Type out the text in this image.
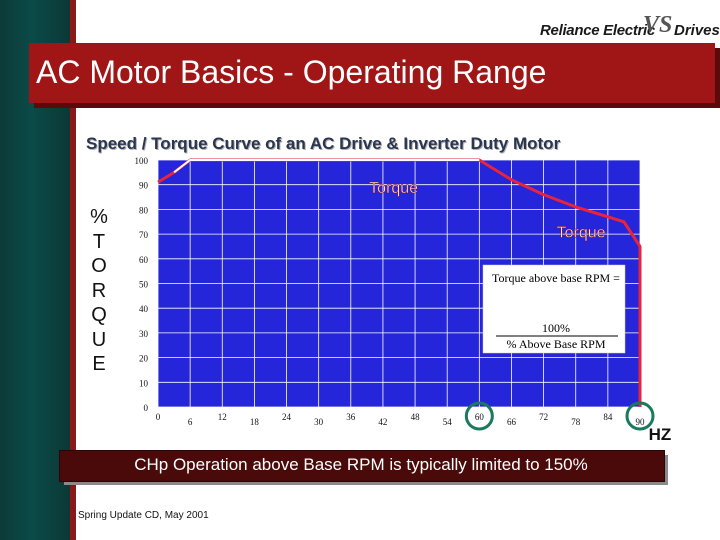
Reliance Electric
VS Drives
AC Motor Basics - Operating Range
Speed / Torque Curve of an AC Drive & Inverter Duty Motor
%
T
O
R
Q
U
E
0
10
20
30
40
50
60
70
80
90
100
0	6	12	18	24	30	36	42	48	54	60	66	72	78	84	90
Torque
Torque
Torque above base RPM =
100%
% Above Base RPM
HZ
CHp Operation above Base RPM is typically limited to 150%
Spring Update CD, May 2001
